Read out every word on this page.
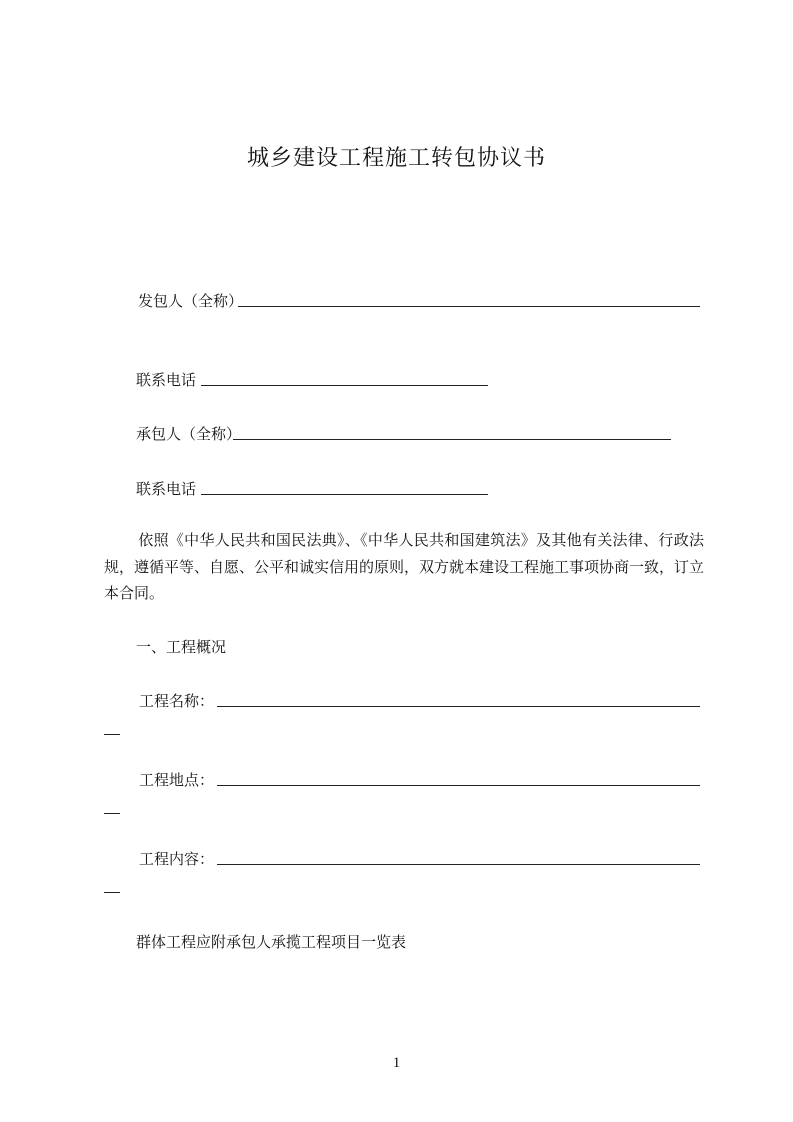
城乡建设工程施工转包协议书
发包人（全称）
联系电话
承包人（全称）
联系电话
依照《中华人民共和国民法典》、《中华人民共和国建筑法》及其他有关法律、行政法规，遵循平等、自愿、公平和诚实信用的原则，双方就本建设工程施工事项协商一致，订立本合同。
一、工程概况
工程名称：
工程地点：
工程内容：
群体工程应附承包人承揽工程项目一览表
1
